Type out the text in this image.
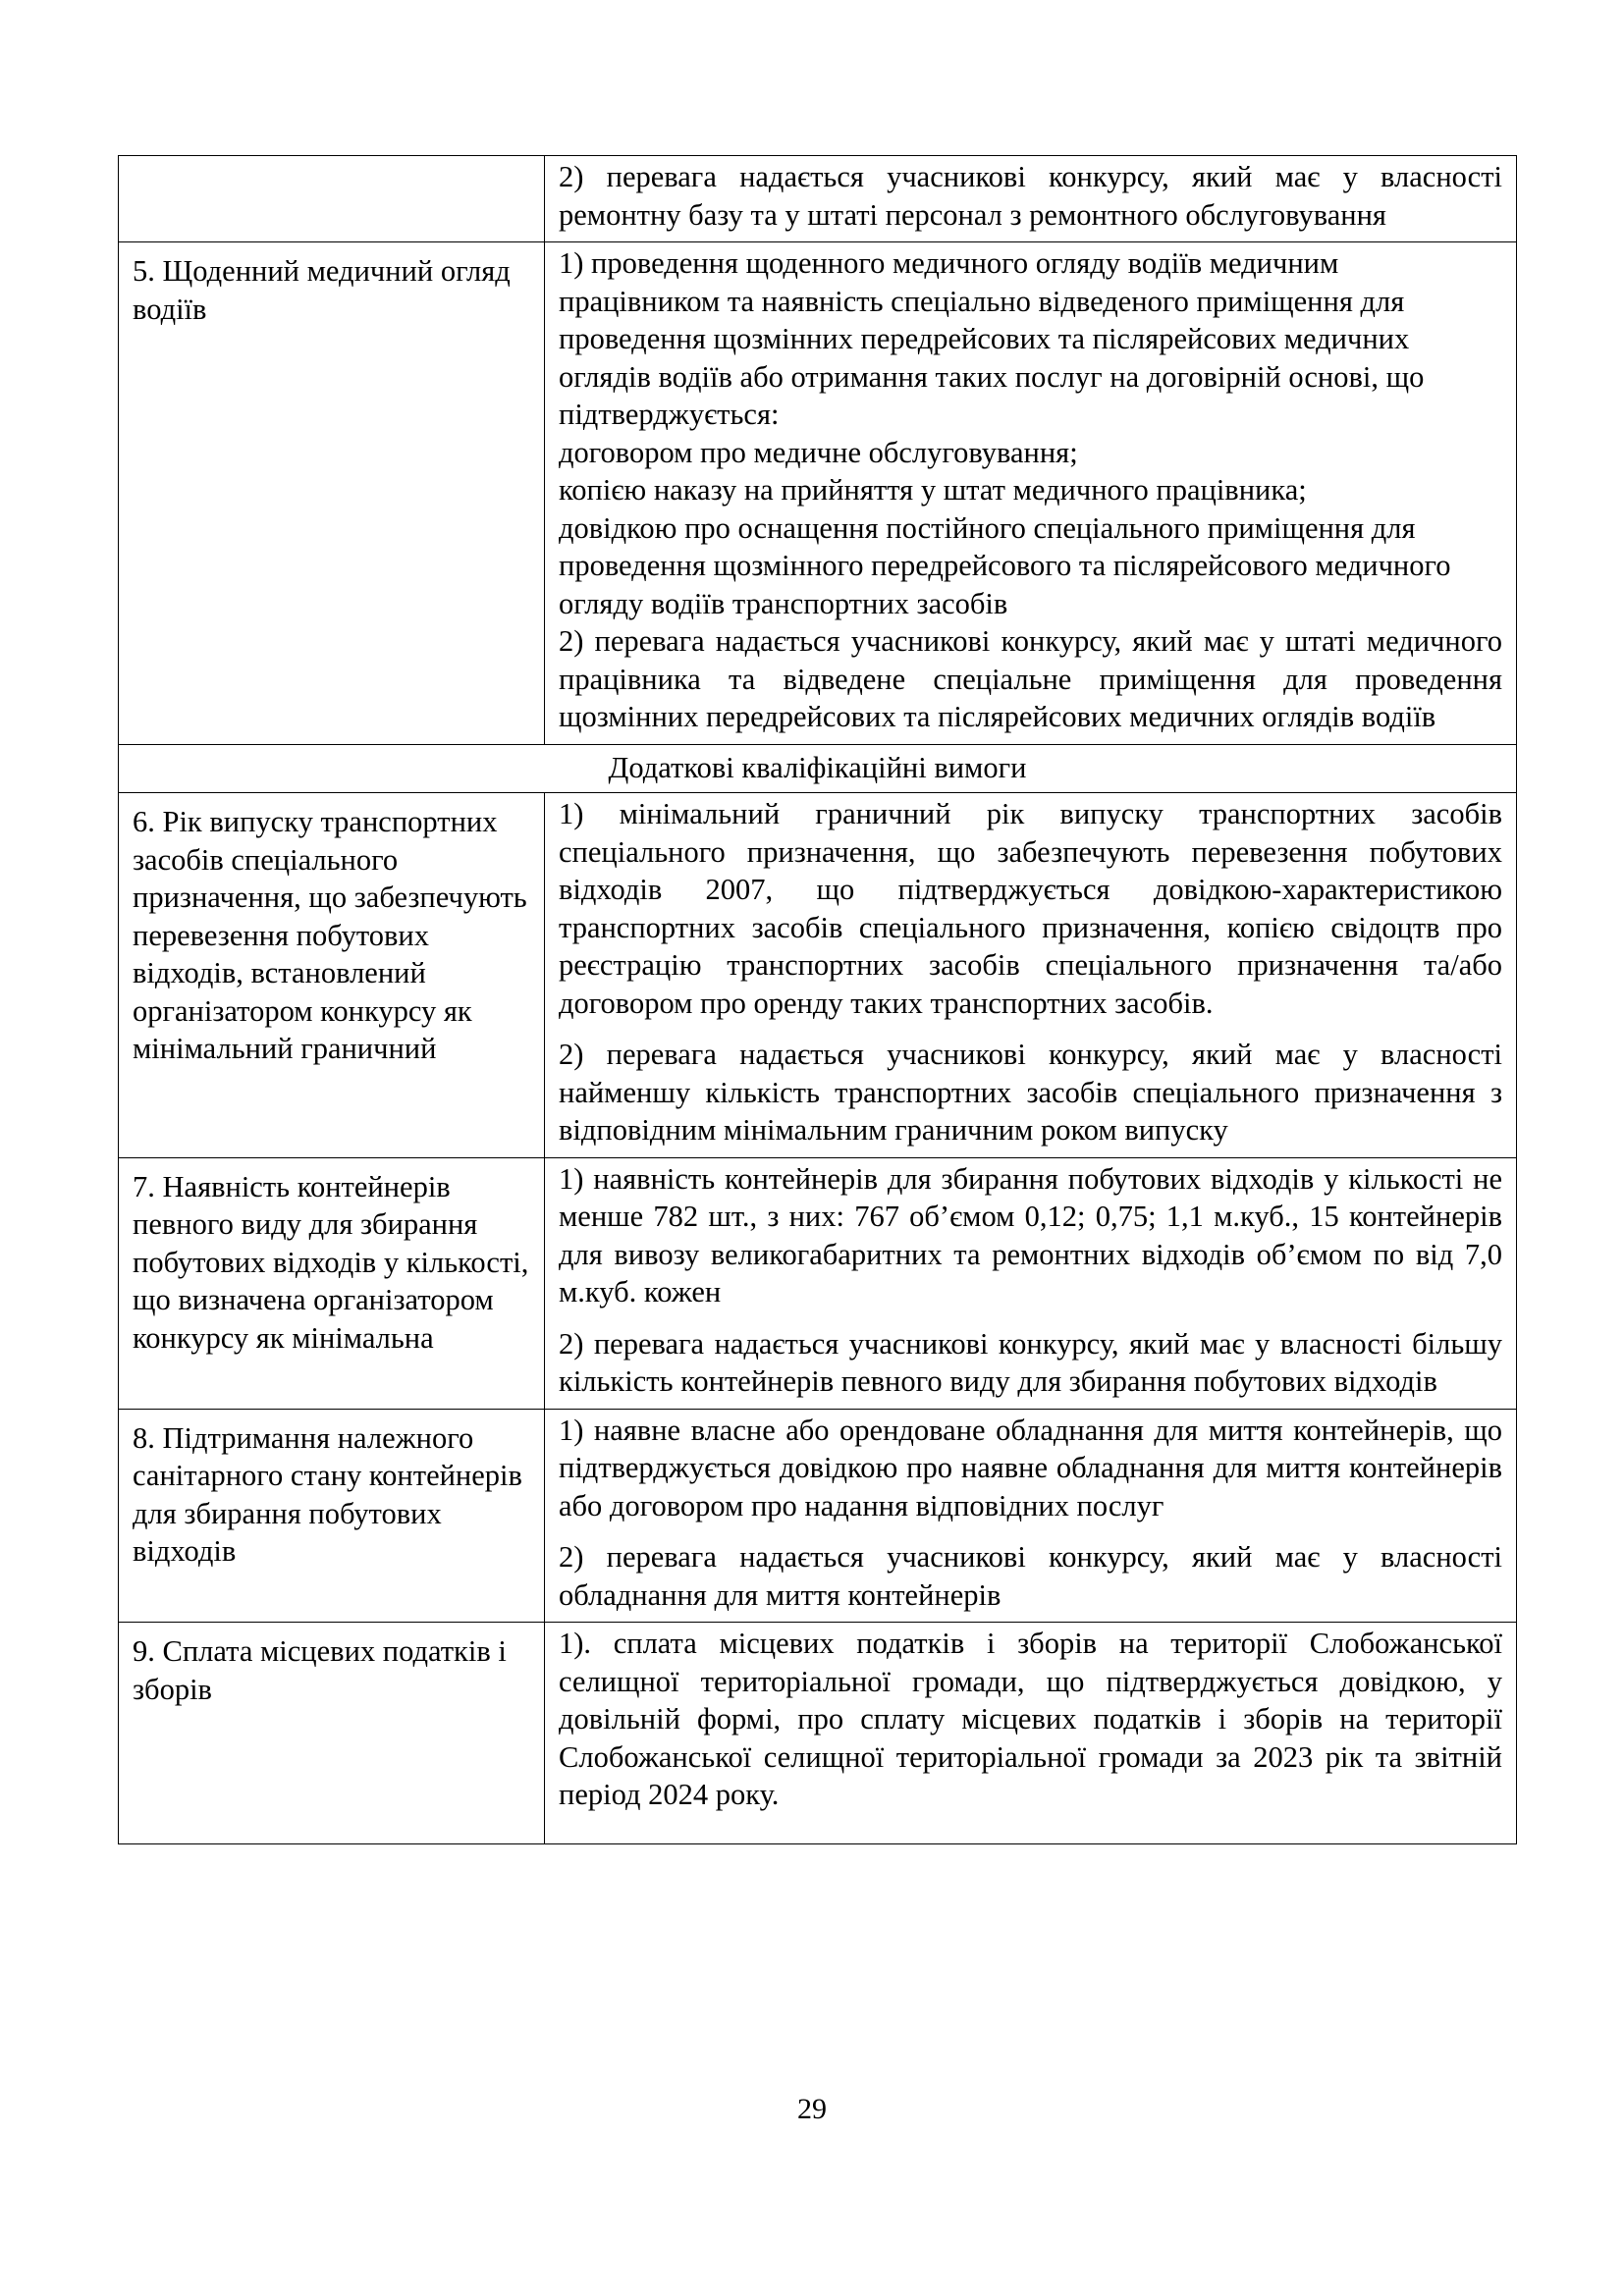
	2) перевага надається учасникові конкурсу, який має у власності ремонтну базу та у штаті персонал з ремонтного обслуговування

5. Щоденний медичний огляд водіїв	1) проведення щоденного медичного огляду водіїв медичним працівником та наявність спеціально відведеного приміщення для проведення щозмінних передрейсових та післярейсових медичних оглядів водіїв або отримання таких послуг на договірній основі, що підтверджується:

договором про медичне обслуговування;

копією наказу на прийняття у штат медичного працівника;

довідкою про оснащення постійного спеціального приміщення для проведення щозмінного передрейсового та післярейсового медичного огляду водіїв транспортних засобів

2) перевага надається учасникові конкурсу, який має у штаті медичного працівника та відведене спеціальне приміщення для проведення щозмінних передрейсових та післярейсових медичних оглядів водіїв

Додаткові кваліфікаційні вимоги	
6. Рік випуску транспортних засобів спеціального призначення, що забезпечують перевезення побутових відходів, встановлений організатором конкурсу як мінімальний граничний	1) мінімальний граничний рік випуску транспортних засобів спеціального призначення, що забезпечують перевезення побутових відходів 2007, що підтверджується довідкою-характеристикою транспортних засобів спеціального призначення, копією свідоцтв про реєстрацію транспортних засобів спеціального призначення та/або договором про оренду таких транспортних засобів.

2) перевага надається учасникові конкурсу, який має у власності найменшу кількість транспортних засобів спеціального призначення з відповідним мінімальним граничним роком випуску

7. Наявність контейнерів певного виду для збирання побутових відходів у кількості, що визначена організатором конкурсу як мінімальна	1) наявність контейнерів для збирання побутових відходів у кількості не менше 782 шт., з них: 767 об’ємом 0,12; 0,75; 1,1 м.куб., 15 контейнерів для вивозу великогабаритних та ремонтних відходів об’ємом по від 7,0 м.куб. кожен

2) перевага надається учасникові конкурсу, який має у власності більшу кількість контейнерів певного виду для збирання побутових відходів

8. Підтримання належного санітарного стану контейнерів для збирання побутових відходів	1) наявне власне або орендоване обладнання для миття контейнерів, що підтверджується довідкою про наявне обладнання для миття контейнерів або договором про надання відповідних послуг

2) перевага надається учасникові конкурсу, який має у власності обладнання для миття контейнерів

9. Сплата місцевих податків і зборів	1). сплата місцевих податків і зборів на території Слобожанської селищної територіальної громади, що підтверджується довідкою, у довільній формі, про сплату місцевих податків і зборів на території Слобожанської селищної територіальної громади за 2023 рік та звітній період 2024 року.

29
